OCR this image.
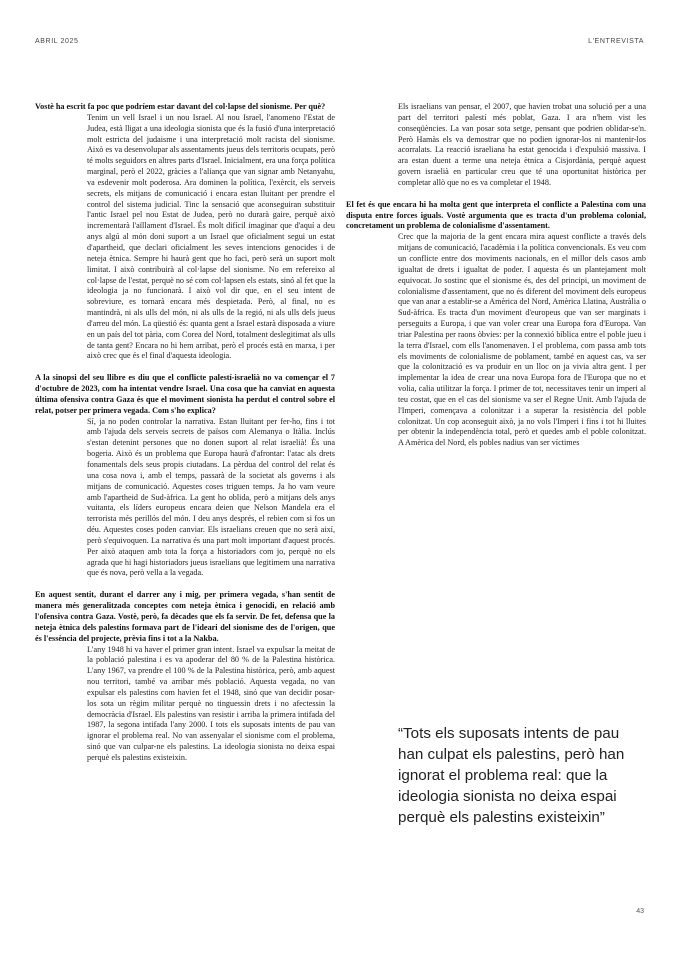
ABRIL 2025	L'ENTREVISTA

Vostè ha escrit fa poc que podríem estar davant del col·lapse del sionisme. Per què?

Tenim un vell Israel i un nou Israel. Al nou Israel, l'anomeno l'Estat de Judea, està lligat a una ideologia sionista que és la fusió d'una interpretació molt estricta del judaisme i una interpretació molt racista del sionisme. Això es va desenvolupar als assentaments jueus dels territoris ocupats, però té molts seguidors en altres parts d'Israel. Inicialment, era una força política marginal, però el 2022, gràcies a l'aliança que van signar amb Netanyahu, va esdevenir molt poderosa. Ara dominen la política, l'exèrcit, els serveis secrets, els mitjans de comunicació i encara estan lluitant per prendre el control del sistema judicial. Tinc la sensació que aconseguiran substituir l'antic Israel pel nou Estat de Judea, però no durarà gaire, perquè això incrementarà l'aïllament d'Israel. És molt difícil imaginar que d'aquí a deu anys algú al món doni suport a un Israel que oficialment segui un estat d'apartheid, que declari oficialment les seves intencions genocides i de neteja ètnica. Sempre hi haurà gent que ho faci, però serà un suport molt limitat. I això contribuirà al col·lapse del sionisme. No em refereixo al col·lapse de l'estat, perquè no sé com col·lapsen els estats, sinó al fet que la ideologia ja no funcionarà. I això vol dir que, en el seu intent de sobreviure, es tornarà encara més despietada. Però, al final, no es mantindrà, ni als ulls del món, ni als ulls de la regió, ni als ulls dels jueus d'arreu del món. La qüestió és: quanta gent a Israel estarà disposada a viure en un país del tot pària, com Corea del Nord, totalment deslegitimat als ulls de tanta gent? Encara no hi hem arribat, però el procés està en marxa, i per això crec que és el final d'aquesta ideologia.

A la sinopsi del seu llibre es diu que el conflicte palestí-israelià no va començar el 7 d'octubre de 2023, com ha intentat vendre Israel. Una cosa que ha canviat en aquesta última ofensiva contra Gaza és que el moviment sionista ha perdut el control sobre el relat, potser per primera vegada. Com s'ho explica?

Sí, ja no poden controlar la narrativa. Estan lluitant per fer-ho, fins i tot amb l'ajuda dels serveis secrets de països com Alemanya o Itàlia. Inclús s'estan detenint persones que no donen suport al relat israelià! És una bogeria. Això és un problema que Europa haurà d'afrontar: l'atac als drets fonamentals dels seus propis ciutadans. La pèrdua del control del relat és una cosa nova i, amb el temps, passarà de la societat als governs i als mitjans de comunicació. Aquestes coses triguen temps. Ja ho vam veure amb l'apartheid de Sud-àfrica. La gent ho oblida, però a mitjans dels anys vuitanta, els líders europeus encara deien que Nelson Mandela era el terrorista més perillós del món. I deu anys després, el rebien com si fos un déu. Aquestes coses poden canviar. Els israelians creuen que no serà així, però s'equivoquen. La narrativa és una part molt important d'aquest procés. Per això ataquen amb tota la força a historiadors com jo, perquè no els agrada que hi hagi historiadors jueus israelians que legitimem una narrativa que és nova, però vella a la vegada.

En aquest sentit, durant el darrer any i mig, per primera vegada, s'han sentit de manera més generalitzada conceptes com neteja ètnica i genocidi, en relació amb l'ofensiva contra Gaza. Vostè, però, fa dècades que els fa servir. De fet, defensa que la neteja ètnica dels palestins formava part de l'ideari del sionisme des de l'origen, que és l'essència del projecte, prèvia fins i tot a la Nakba.

L'any 1948 hi va haver el primer gran intent. Israel va expulsar la meitat de la població palestina i es va apoderar del 80 % de la Palestina històrica. L'any 1967, va prendre el 100 % de la Palestina històrica, però, amb aquest nou territori, també va arribar més població. Aquesta vegada, no van expulsar els palestins com havien fet el 1948, sinó que van decidir posar-los sota un règim militar perquè no tinguessin drets i no afectessin la democràcia d'Israel. Els palestins van resistir i arriba la primera intifada del 1987, la segona intifada l'any 2000. I tots els suposats intents de pau van ignorar el problema real. No van assenyalar el sionisme com el problema, sinó que van culpar-ne els palestins. La ideologia sionista no deixa espai perquè els palestins existeixin.

Els israelians van pensar, el 2007, que havien trobat una solució per a una part del territori palestí més poblat, Gaza. I ara n'hem vist les conseqüències. La van posar sota setge, pensant que podrien oblidar-se'n. Però Hamàs els va demostrar que no podien ignorar-los ni mantenir-los acorralats. La reacció israeliana ha estat genocida i d'expulsió massiva. I ara estan duent a terme una neteja ètnica a Cisjordània, perquè aquest govern israelià en particular creu que té una oportunitat històrica per completar allò que no es va completar el 1948.

El fet és que encara hi ha molta gent que interpreta el conflicte a Palestina com una disputa entre forces iguals. Vostè argumenta que es tracta d'un problema colonial, concretament un problema de colonialisme d'assentament.

Crec que la majoria de la gent encara mira aquest conflicte a través dels mitjans de comunicació, l'acadèmia i la política convencionals. Es veu com un conflicte entre dos moviments nacionals, en el millor dels casos amb igualtat de drets i igualtat de poder. I aquesta és un plantejament molt equivocat. Jo sostinc que el sionisme és, des del principi, un moviment de colonialisme d'assentament, que no és diferent del moviment dels europeus que van anar a establir-se a Amèrica del Nord, Amèrica Llatina, Austràlia o Sud-àfrica. Es tracta d'un moviment d'europeus que van ser marginats i perseguits a Europa, i que van voler crear una Europa fora d'Europa. Van triar Palestina per raons òbvies: per la connexió bíblica entre el poble jueu i la terra d'Israel, com ells l'anomenaven. I el problema, com passa amb tots els moviments de colonialisme de poblament, també en aquest cas, va ser que la colonització es va produir en un lloc on ja vivia altra gent. I per implementar la idea de crear una nova Europa fora de l'Europa que no et volia, calia utilitzar la força. I primer de tot, necessitaves tenir un imperi al teu costat, que en el cas del sionisme va ser el Regne Unit. Amb l'ajuda de l'Imperi, començava a colonitzar i a superar la resistència del poble colonitzat. Un cop aconseguit això, ja no vols l'Imperi i fins i tot hi lluites per obtenir la independència total, però et quedes amb el poble colonitzat. A Amèrica del Nord, els pobles nadius van ser víctimes

“Tots els suposats intents de pau han culpat els palestins, però han ignorat el problema real: que la ideologia sionista no deixa espai perquè els palestins existeixin”

43
